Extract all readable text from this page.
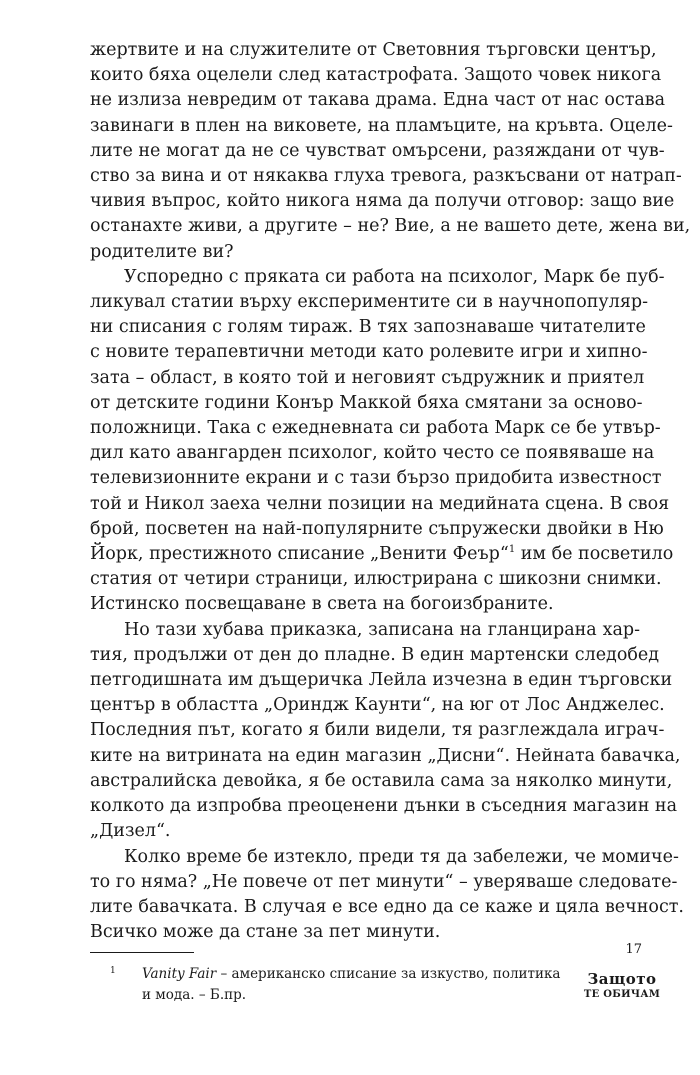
жертвите и на служителите от Световния търговски център,
които бяха оцелели след катастрофата. Защото човек никога
не излиза невредим от такава драма. Една част от нас остава
завинаги в плен на виковете, на пламъците, на кръвта. Оцеле-
лите не могат да не се чувстват омърсени, разяждани от чув-
ство за вина и от някаква глуха тревога, разкъсвани от натрап-
чивия въпрос, който никога няма да получи отговор: защо вие
останахте живи, а другите – не? Вие, а не вашето дете, жена ви,
родителите ви?

Успоредно с пряката си работа на психолог, Марк бе пуб-
ликувал статии върху експериментите си в научнопопуляр-
ни списания с голям тираж. В тях запознаваше читателите
с новите терапевтични методи като ролевите игри и хипно-
зата – област, в която той и неговият съдружник и приятел
от детските години Конър Маккой бяха смятани за осново-
положници. Така с ежедневната си работа Марк се бе утвър-
дил като авангарден психолог, който често се появяваше на
телевизионните екрани и с тази бързо придобита известност
той и Никол заеха челни позиции на медийната сцена. В своя
брой, посветен на най-популярните съпружески двойки в Ню
Йорк, престижното списание „Венити Феър“$^1$ им бе посветило
статия от четири страници, илюстрирана с шикозни снимки.
Истинско посвещаване в света на богоизбраните.

Но тази хубава приказка, записана на гланцирана хар-
тия, продължи от ден до пладне. В един мартенски следобед
петгодишната им дъщеричка Лейла изчезна в един търговски
център в областта „Ориндж Каунти“, на юг от Лос Анджелес.
Последния път, когато я били видели, тя разглеждала играч-
ките на витрината на един магазин „Дисни“. Нейната бавачка,
австралийска девойка, я бе оставила сама за няколко минути,
колкото да изпробва преоценени дънки в съседния магазин на
„Дизел“.

Колко време бе изтекло, преди тя да забележи, че момиче-
то го няма? „Не повече от пет минути“ – уверяваше следовате-
лите бавачката. В случая е все едно да се каже и цяла вечност.
Всичко може да стане за пет минути.

1	Vanity Fair – американско списание за изкуство, политика
и мода. – Б.пр.
17
Защото
ТЕ ОБИЧАМ
